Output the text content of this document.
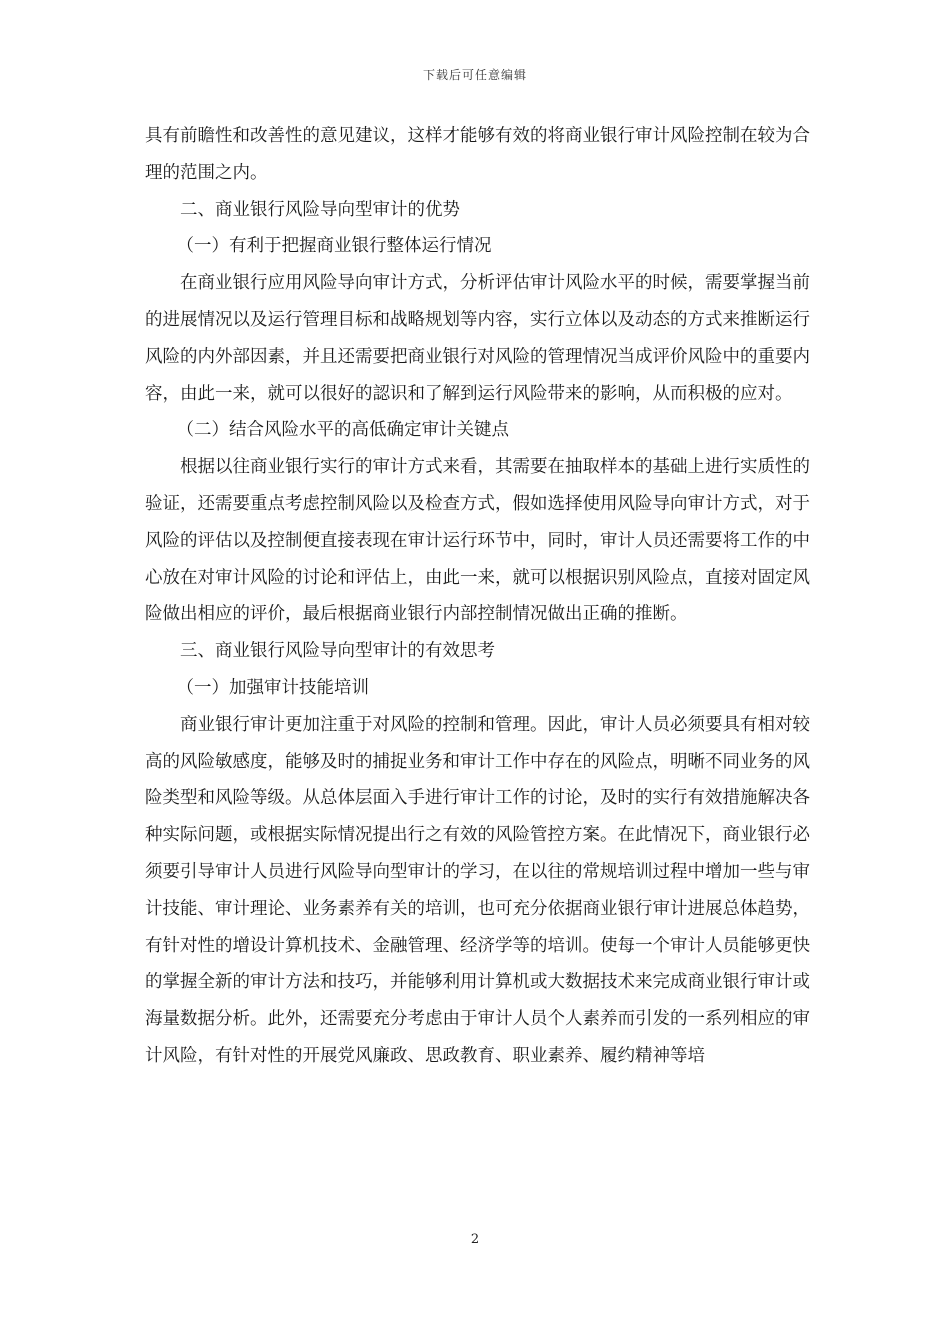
下载后可任意编辑

具有前瞻性和改善性的意见建议，这样才能够有效的将商业银行审计风险控制在较为合理的范围之内。

二、商业银行风险导向型审计的优势

（一）有利于把握商业银行整体运行情况

在商业银行应用风险导向审计方式，分析评估审计风险水平的时候，需要掌握当前的进展情况以及运行管理目标和战略规划等内容，实行立体以及动态的方式来推断运行风险的内外部因素，并且还需要把商业银行对风险的管理情况当成评价风险中的重要内容，由此一来，就可以很好的認识和了解到运行风险带来的影响，从而积极的应对。

（二）结合风险水平的高低确定审计关键点

根据以往商业银行实行的审计方式来看，其需要在抽取样本的基础上进行实质性的验证，还需要重点考虑控制风险以及检查方式，假如选择使用风险导向审计方式，对于风险的评估以及控制便直接表现在审计运行环节中，同时，审计人员还需要将工作的中心放在对审计风险的讨论和评估上，由此一来，就可以根据识别风险点，直接对固定风险做出相应的评价，最后根据商业银行内部控制情况做出正确的推断。

三、商业银行风险导向型审计的有效思考

（一）加强审计技能培训

商业银行审计更加注重于对风险的控制和管理。因此，审计人员必须要具有相对较高的风险敏感度，能够及时的捕捉业务和审计工作中存在的风险点，明晰不同业务的风险类型和风险等级。从总体层面入手进行审计工作的讨论，及时的实行有效措施解决各种实际问题，或根据实际情况提出行之有效的风险管控方案。在此情况下，商业银行必须要引导审计人员进行风险导向型审计的学习，在以往的常规培训过程中增加一些与审计技能、审计理论、业务素养有关的培训，也可充分依据商业银行审计进展总体趋势，有针对性的增设计算机技术、金融管理、经济学等的培训。使每一个审计人员能够更快的掌握全新的审计方法和技巧，并能够利用计算机或大数据技术来完成商业银行审计或海量数据分析。此外，还需要充分考虑由于审计人员个人素养而引发的一系列相应的审计风险，有针对性的开展党风廉政、思政教育、职业素养、履约精神等培

2
